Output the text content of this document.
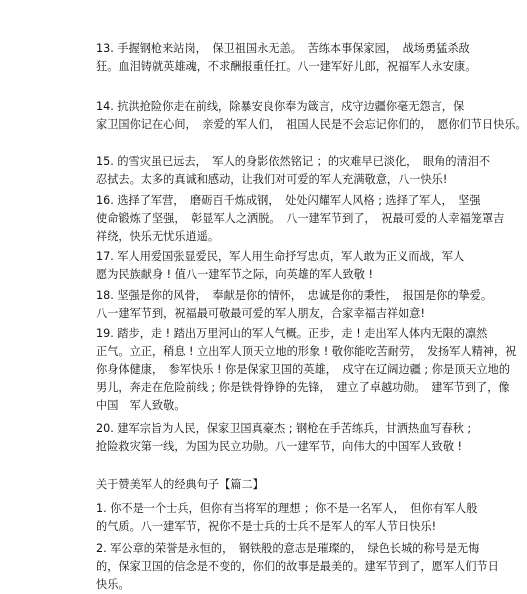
13. 手握钢枪来站岗，　保卫祖国永无恙。　苦练本事保家园，　战场勇猛杀敌
狂。血泪铸就英雄魂，不求酬报重任扛。八一建军好儿郎，祝福军人永安康。

14. 抗洪抢险你走在前线，除暴安良你奉为箴言，戍守边疆你毫无怨言，保
家卫国你记在心间，　亲爱的军人们，　祖国人民是不会忘记你们的，　愿你们节日快乐。

15. 的雪灾虽已远去，　军人的身影依然铭记 ；的灾难早已淡化，　眼角的清泪不
忍拭去。太多的真诚和感动，让我们对可爱的军人充满敬意，八一快乐!

16. 选择了军营，　磨砺百千炼成钢，　处处闪耀军人风格 ; 选择了军人，　坚强
使命锻炼了坚强，　彰显军人之洒脱。　八一建军节到了，　祝最可爱的人幸福笼罩吉
祥绕，快乐无忧乐逍遥。

17. 军人用爱国张显爱民，军人用生命抒写忠贞，军人敢为正义而战，军人
愿为民族献身 ! 值八一建军节之际，向英雄的军人致敬 !

18. 坚强是你的风骨，　奉献是你的情怀，　忠诚是你的秉性，　报国是你的挚爱。
八一建军节到，祝福最可敬最可爱的军人朋友，合家幸福吉祥如意!

19. 踏步，走 ! 踏出万里河山的军人气概。正步，走 ! 走出军人体内无限的凛然
正气。立正，稍息 ! 立出军人顶天立地的形象 ! 敬你能吃苦耐劳，　发扬军人精神，祝
你身体健康，　参军快乐 ! 你是保家卫国的英雄，　戍守在辽阔边疆 ; 你是顶天立地的
男儿，奔走在危险前线 ; 你是铁骨铮铮的先锋，　建立了卓越功勋。　建军节到了，像
中国　军人致敬。

20. 建军宗旨为人民，保家卫国真豪杰 ; 钢枪在手苦练兵，甘洒热血写春秋 ;
抢险救灾第一线，为国为民立功勋。八一建军节，向伟大的中国军人致敬 !

关于赞美军人的经典句子【篇二】

1. 你不是一个士兵，但你有当将军的理想 ；你不是一名军人，　但你有军人般
的气质。八一建军节，祝你不是士兵的士兵不是军人的军人节日快乐!

2. 军公章的荣誉是永恒的，　钢铁般的意志是璀璨的，　绿色长城的称号是无悔
的，保家卫国的信念是不变的，你们的故事是最美的。建军节到了，愿军人们节日
快乐。
